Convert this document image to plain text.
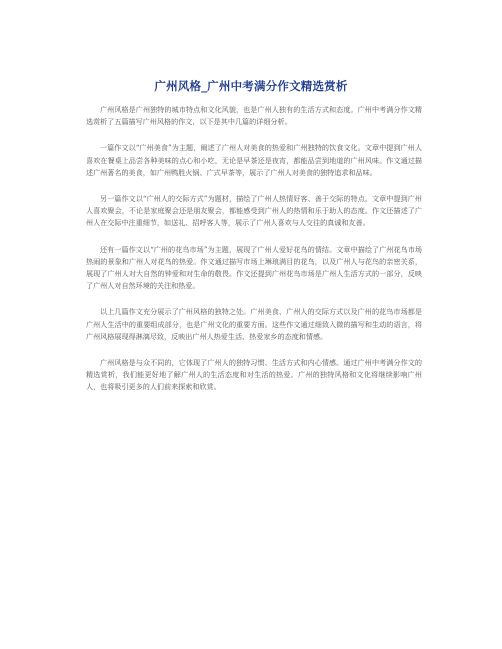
广州风格_广州中考满分作文精选赏析

广州风格是广州独特的城市特点和文化风貌，也是广州人独有的生活方式和态度。广州中考满分作文精选赏析了五篇描写广州风格的作文，以下是其中几篇的详细分析。

一篇作文以“广州美食”为主题，阐述了广州人对美食的热爱和广州独特的饮食文化。文章中提到广州人喜欢在餐桌上品尝各种美味的点心和小吃，无论是早茶还是夜宵，都能品尝到地道的广州风味。作文通过描述广州著名的美食，如广州鸭胜火锅、广式早茶等，展示了广州人对美食的独特追求和品味。

另一篇作文以“广州人的交际方式”为题材，描绘了广州人热情好客、善于交际的特点。文章中提到广州人喜欢聚会，不论是家庭聚会还是朋友聚会，都能感受到广州人的热情和乐于助人的态度。作文还描述了广州人在交际中注重细节，如送礼、招呼客人等，展示了广州人喜欢与人交往的真诚和友善。

还有一篇作文以“广州的花鸟市场”为主题，展现了广州人爱好花鸟的情结。文章中描绘了广州花鸟市场热闹的景象和广州人对花鸟的热爱。作文通过描写市场上琳琅满目的花鸟，以及广州人与花鸟的亲密关系，展现了广州人对大自然的钟爱和对生命的敬畏。作文还提到广州花鸟市场是广州人生活方式的一部分，反映了广州人对自然环境的关注和热爱。

以上几篇作文充分展示了广州风格的独特之处。广州美食、广州人的交际方式以及广州的花鸟市场都是广州人生活中的重要组成部分，也是广州文化的重要方面。这些作文通过细致入微的描写和生动的语言，将广州风格展现得淋漓尽致，反映出广州人热爱生活、热爱家乡的态度和情感。

广州风格是与众不同的，它体现了广州人的独特习惯、生活方式和内心情感。通过广州中考满分作文的精选赏析，我们能更好地了解广州人的生活态度和对生活的热爱。广州的独特风格和文化将继续影响广州人，也将吸引更多的人们前来探索和欣赏。
